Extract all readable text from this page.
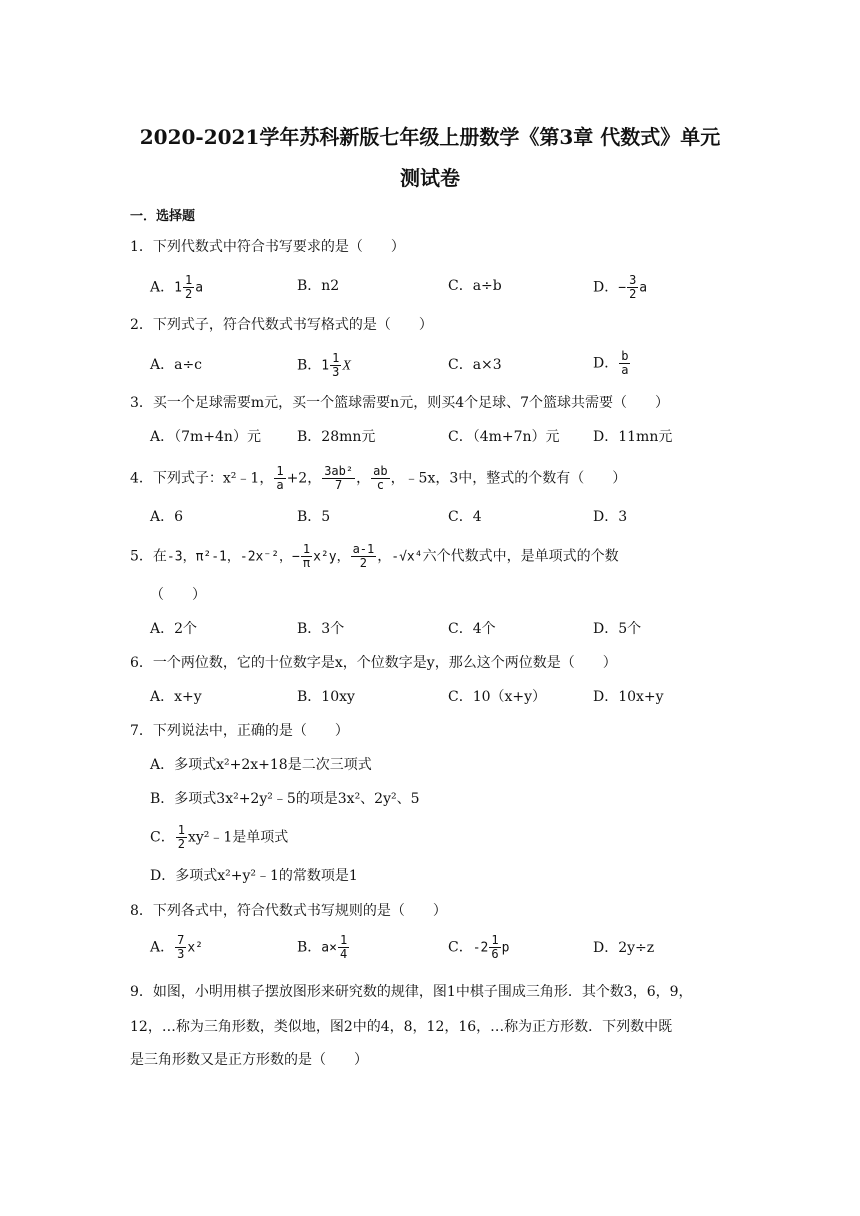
2020-2021学年苏科新版七年级上册数学《第3章 代数式》单元
测试卷
一．选择题
1．下列代数式中符合书写要求的是（　　）
A．$1 \frac{1}{2}$ a	B．n2	C．a÷b	D．− $\frac{3}{2}$ a
2．下列式子，符合代数式书写格式的是（　　）
A．a÷c	B．$1 \frac{1}{3}$ X	C．a×3	D． $\frac{b}{a}$
3．买一个足球需要m元，买一个篮球需要n元，则买4个足球、7个篮球共需要（　　）
A．（7m+4n）元	B．28mn元	C．（4m+7n）元 D．11mn元
4．下列式子：x²﹣1， $\frac{1}{a} +2$， $\frac{\text{3ab²}}{7}$ ， $\frac{ab}{c}$ ，﹣5x，3中，整式的个数有（　　）
A．6	B．5	C．4	D．3
5．在-3，π²-1，-2x⁻²，− $\frac{1}{\pi} x^2y$， $\frac{a-1}{2}$ ，-√x⁴六个代数式中，是单项式的个数
（　　）
A．2个	B．3个	C．4个	D．5个
6．一个两位数，它的十位数字是x，个位数字是y，那么这个两位数是（　　）
A．x+y	B．10xy	C．10（x+y）	D．10x+y
7．下列说法中，正确的是（　　）
A．多项式x²+2x+18是二次三项式
B．多项式3x²+2y²﹣5的项是3x²、2y²、5
C． $\frac{1}{2}$ xy²﹣1是单项式
D．多项式x²+y²﹣1的常数项是1
8．下列各式中，符合代数式书写规则的是（　　）
A． $\frac{7}{3} x^2$	B．$a\times \frac{1}{4}$	C．$-2 \frac{1}{6}$ p	D．2y÷z
9．如图，小明用棋子摆放图形来研究数的规律，图1中棋子围成三角形．其个数3，6，9，
12，…称为三角形数，类似地，图2中的4，8，12，16，…称为正方形数．下列数中既
是三角形数又是正方形数的是（　　）
